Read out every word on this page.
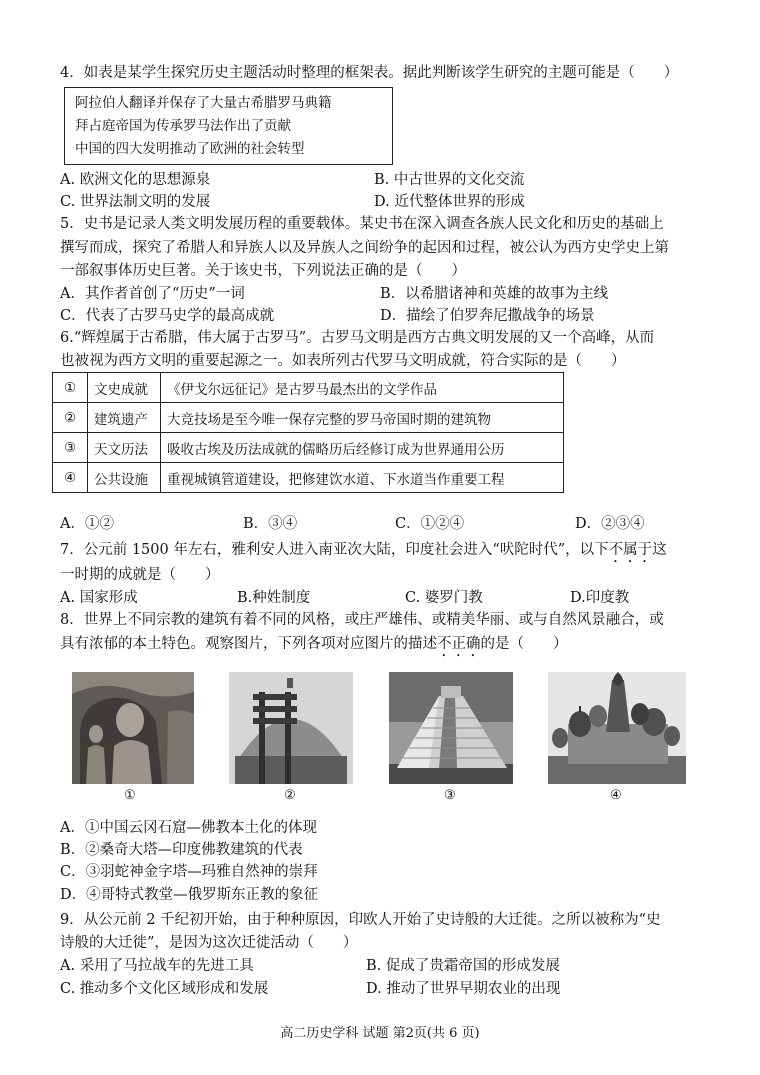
4．如表是某学生探究历史主题活动时整理的框架表。据此判断该学生研究的主题可能是（　　）
阿拉伯人翻译并保存了大量古希腊罗马典籍
拜占庭帝国为传承罗马法作出了贡献
中国的四大发明推动了欧洲的社会转型
A. 欧洲文化的思想源泉	B. 中古世界的文化交流
C. 世界法制文明的发展	D. 近代整体世界的形成
5．史书是记录人类文明发展历程的重要载体。某史书在深入调查各族人民文化和历史的基础上
撰写而成，探究了希腊人和异族人以及异族人之间纷争的起因和过程，被公认为西方史学史上第
一部叙事体历史巨著。关于该史书，下列说法正确的是（　　）
A．其作者首创了“历史”一词	B．以希腊诸神和英雄的故事为主线
C．代表了古罗马史学的最高成就	D．描绘了伯罗奔尼撒战争的场景
6.“辉煌属于古希腊，伟大属于古罗马”。古罗马文明是西方古典文明发展的又一个高峰，从而
也被视为西方文明的重要起源之一。如表所列古代罗马文明成就，符合实际的是（　　）
①	文史成就	《伊戈尔远征记》是古罗马最杰出的文学作品
②	建筑遗产	大竞技场是至今唯一保存完整的罗马帝国时期的建筑物
③	天文历法	吸收古埃及历法成就的儒略历后经修订成为世界通用公历
④	公共设施	重视城镇管道建设，把修建饮水道、下水道当作重要工程
A．①②	B．③④	C．①②④	D．②③④
7．公元前 1500 年左右，雅利安人进入南亚次大陆，印度社会进入“吠陀时代”，以下不属于这
一时期的成就是（　　）
A. 国家形成	B.种姓制度	C. 婆罗门教	D.印度教
8．世界上不同宗教的建筑有着不同的风格，或庄严雄伟、或精美华丽、或与自然风景融合，或
具有浓郁的本土特色。观察图片，下列各项对应图片的描述不正确的是（　　）
①	②	③	④
A．①中国云冈石窟—佛教本土化的体现
B．②桑奇大塔—印度佛教建筑的代表
C．③羽蛇神金字塔—玛雅自然神的崇拜
D．④哥特式教堂—俄罗斯东正教的象征
9．从公元前 2 千纪初开始，由于种种原因，印欧人开始了史诗般的大迁徙。之所以被称为“史
诗般的大迁徙”，是因为这次迁徙活动（　　）
A. 采用了马拉战车的先进工具	B. 促成了贵霜帝国的形成发展
C. 推动多个文化区域形成和发展	D. 推动了世界早期农业的出现
高二历史学科 试题 第2页(共 6 页)
